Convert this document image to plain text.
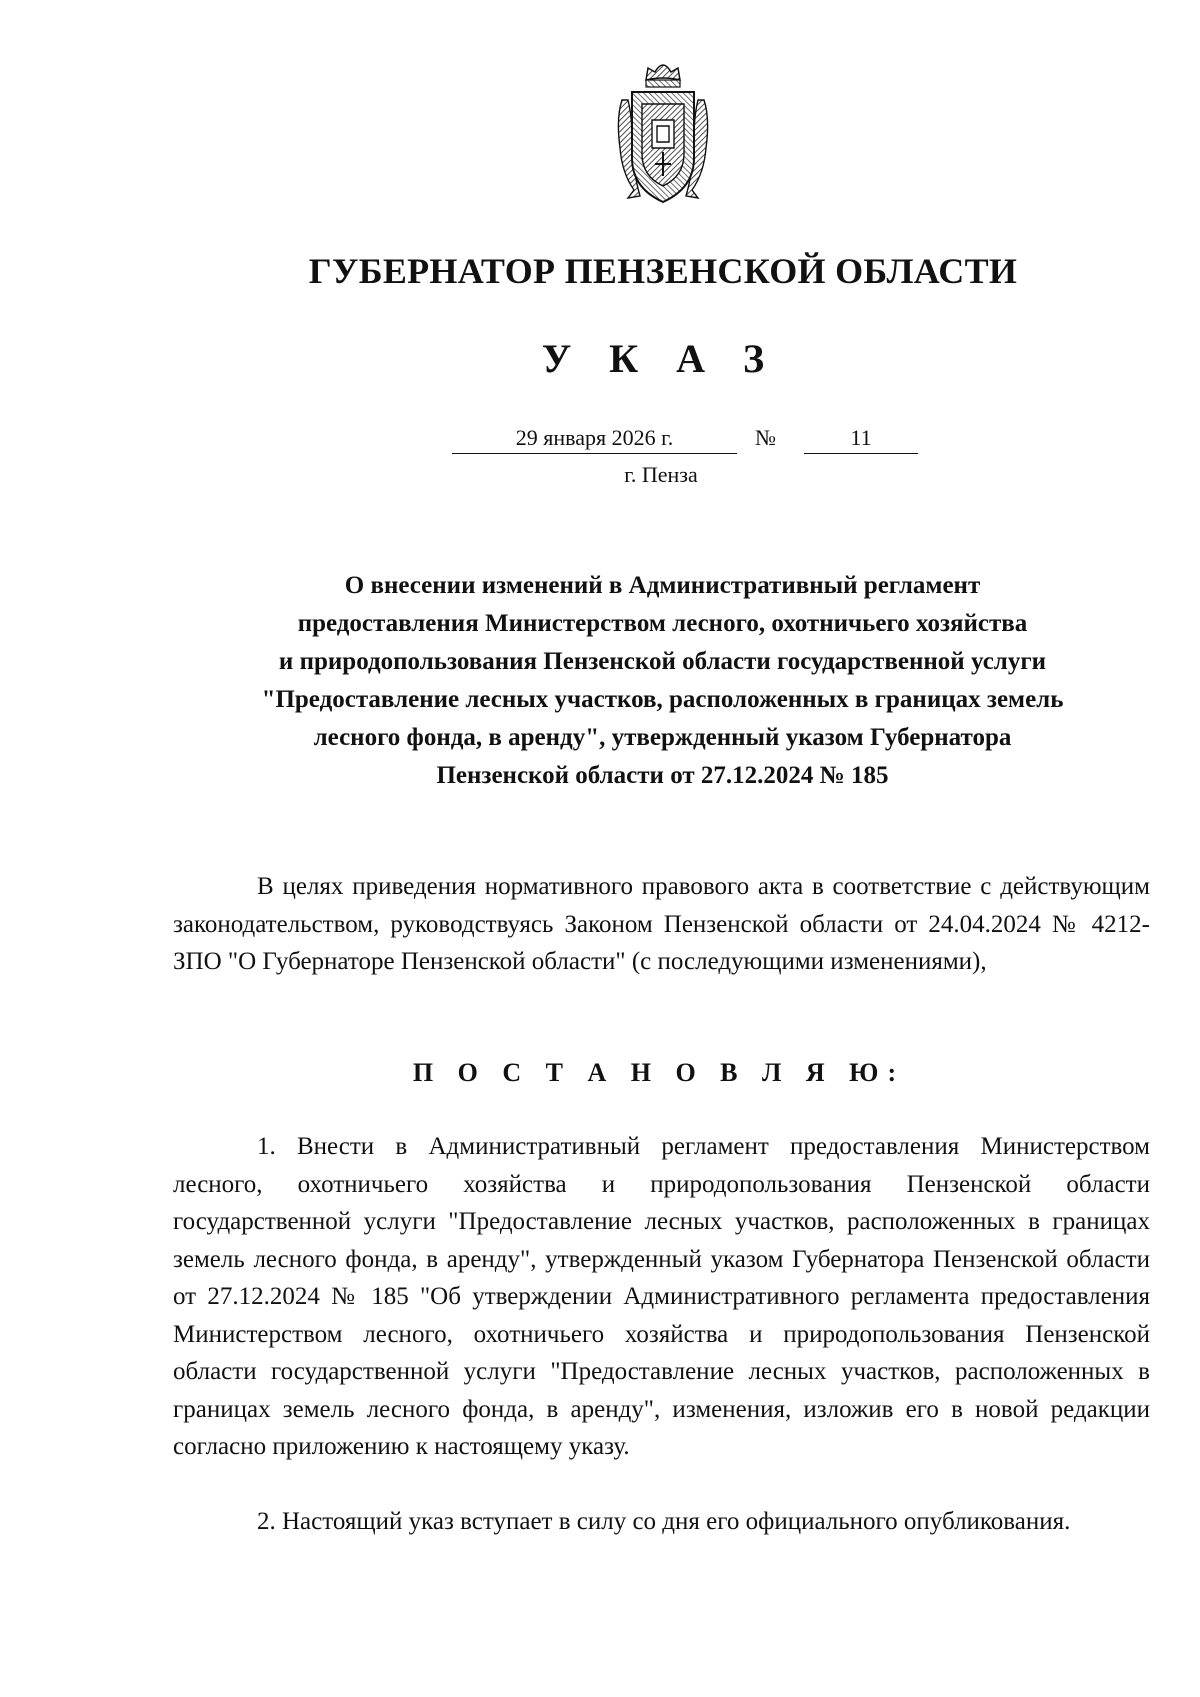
ГУБЕРНАТОР ПЕНЗЕНСКОЙ ОБЛАСТИ
У К А З
29 января 2026 г.	№	11
г. Пенза
О внесении изменений в Административный регламент
предоставления Министерством лесного, охотничьего хозяйства
и природопользования Пензенской области государственной услуги
"Предоставление лесных участков, расположенных в границах земель
лесного фонда, в аренду", утвержденный указом Губернатора
Пензенской области от 27.12.2024 № 185
В целях приведения нормативного правового акта в соответствие с действующим законодательством, руководствуясь Законом Пензенской области от 24.04.2024 № 4212-ЗПО "О Губернаторе Пензенской области" (с последующими изменениями),
П О С Т А Н О В Л Я Ю:
1. Внести в Административный регламент предоставления Министерством лесного, охотничьего хозяйства и природопользования Пензенской области государственной услуги "Предоставление лесных участков, расположенных в границах земель лесного фонда, в аренду", утвержденный указом Губернатора Пензенской области от 27.12.2024 № 185 "Об утверждении Административного регламента предоставления Министерством лесного, охотничьего хозяйства и природопользования Пензенской области государственной услуги "Предоставление лесных участков, расположенных в границах земель лесного фонда, в аренду", изменения, изложив его в новой редакции согласно приложению к настоящему указу.
2. Настоящий указ вступает в силу со дня его официального опубликования.
